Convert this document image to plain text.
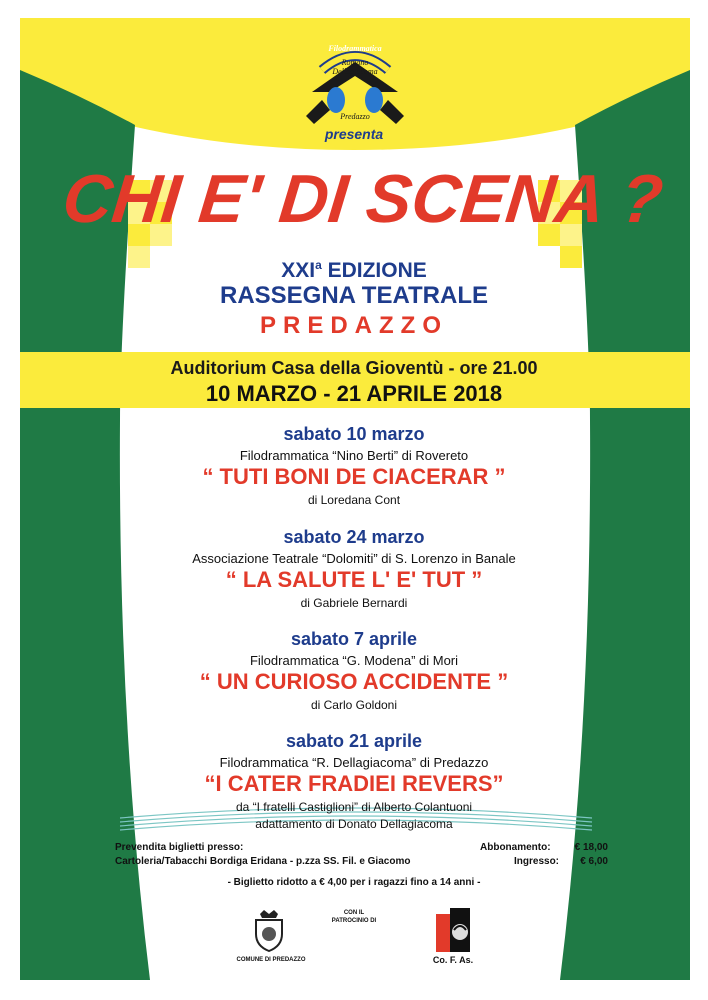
Filodrammatica
Romano
Dellagiacoma
Predazzo
presenta
CHI E' DI SCENA ?
XXI$^a$ EDIZIONE
RASSEGNA TEATRALE
PREDAZZO
Auditorium Casa della Gioventù - ore 21.00
10 MARZO - 21 APRILE 2018
sabato 10 marzo
Filodrammatica “Nino Berti” di Rovereto
“ TUTI BONI DE CIACERAR ”
di Loredana Cont
sabato 24 marzo
Associazione Teatrale “Dolomiti” di S. Lorenzo in Banale
“ LA SALUTE L' E' TUT ”
di Gabriele Bernardi
sabato 7 aprile
Filodrammatica “G. Modena” di Mori
“ UN CURIOSO ACCIDENTE ”
di Carlo Goldoni
sabato 21 aprile
Filodrammatica “R. Dellagiacoma” di Predazzo
“I CATER FRADIEI REVERS”
da “I fratelli Castiglioni” di Alberto Colantuoni
adattamento di Donato Dellagiacoma
Prevendita biglietti presso:
Cartoleria/Tabacchi Bordiga Eridana - p.zza SS. Fil. e Giacomo
Abbonamento: € 18,00
Ingresso: € 6,00
- Biglietto ridotto a € 4,00 per i ragazzi fino a 14 anni -
COMUNE DI PREDAZZO
CON IL
PATROCINIO DI
Co. F. As.
